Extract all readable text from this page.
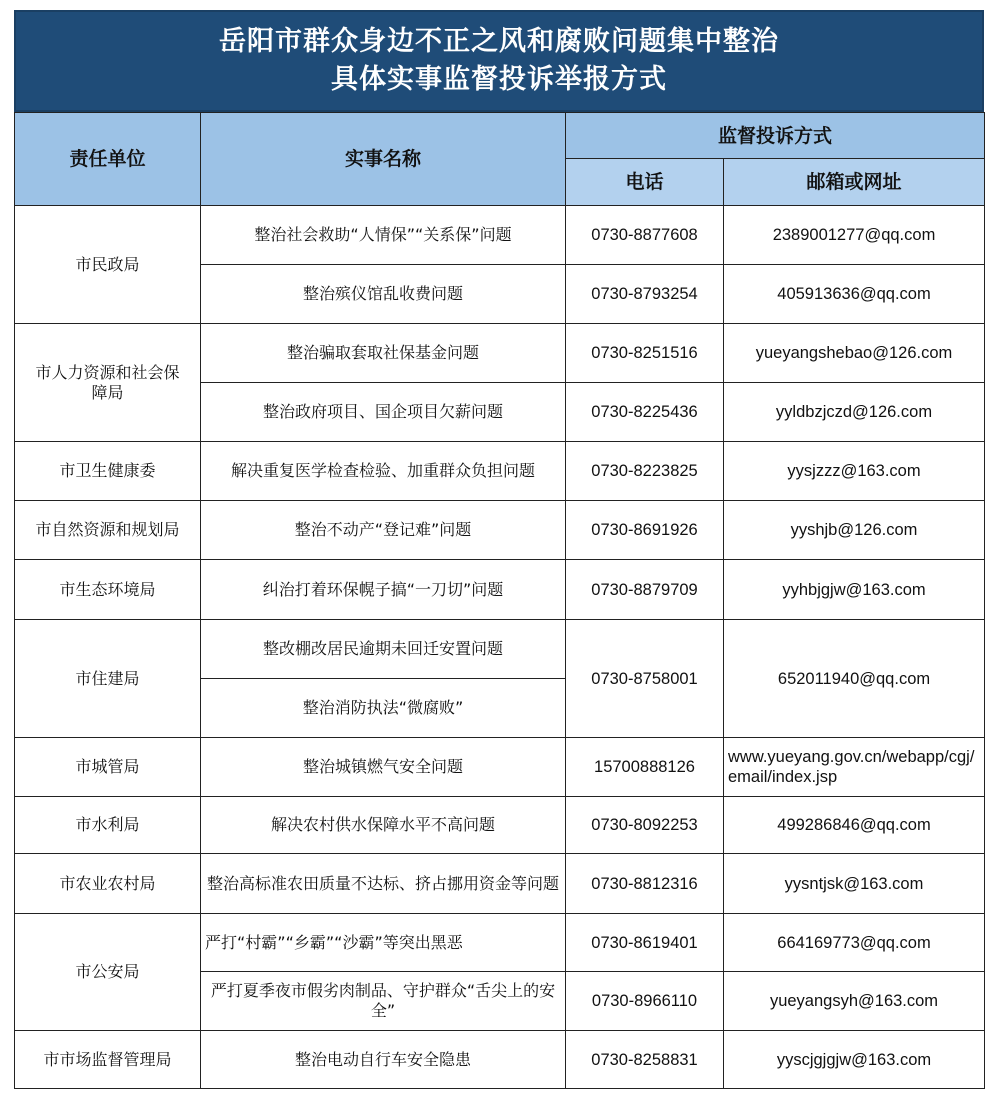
岳阳市群众身边不正之风和腐败问题集中整治
具体实事监督投诉举报方式
责任单位	实事名称	监督投诉方式	
		电话	邮箱或网址
市民政局	整治社会救助“人情保”“关系保”问题	0730-8877608	2389001277@qq.com
	整治殡仪馆乱收费问题	0730-8793254	405913636@qq.com
市人力资源和社会保障局	整治骗取套取社保基金问题	0730-8251516	yueyangshebao@126.com
	整治政府项目、国企项目欠薪问题	0730-8225436	yyldbzjczd@126.com
市卫生健康委	解决重复医学检查检验、加重群众负担问题	0730-8223825	yysjzzz@163.com
市自然资源和规划局	整治不动产“登记难”问题	0730-8691926	yyshjb@126.com
市生态环境局	纠治打着环保幌子搞“一刀切”问题	0730-8879709	yyhbjgjw@163.com
市住建局	整改棚改居民逾期未回迁安置问题	0730-8758001	652011940@qq.com
	整治消防执法“微腐败”		
市城管局	整治城镇燃气安全问题	15700888126	www.yueyang.gov.cn/webapp/cgj/email/index.jsp
市水利局	解决农村供水保障水平不高问题	0730-8092253	499286846@qq.com
市农业农村局	整治高标准农田质量不达标、挤占挪用资金等问题	0730-8812316	yysntjsk@163.com
市公安局	严打“村霸”“乡霸”“沙霸”等突出黑恶	0730-8619401	664169773@qq.com
	严打夏季夜市假劣肉制品、守护群众“舌尖上的安全”	0730-8966110	yueyangsyh@163.com
市市场监督管理局	整治电动自行车安全隐患	0730-8258831	yyscjgjgjw@163.com
